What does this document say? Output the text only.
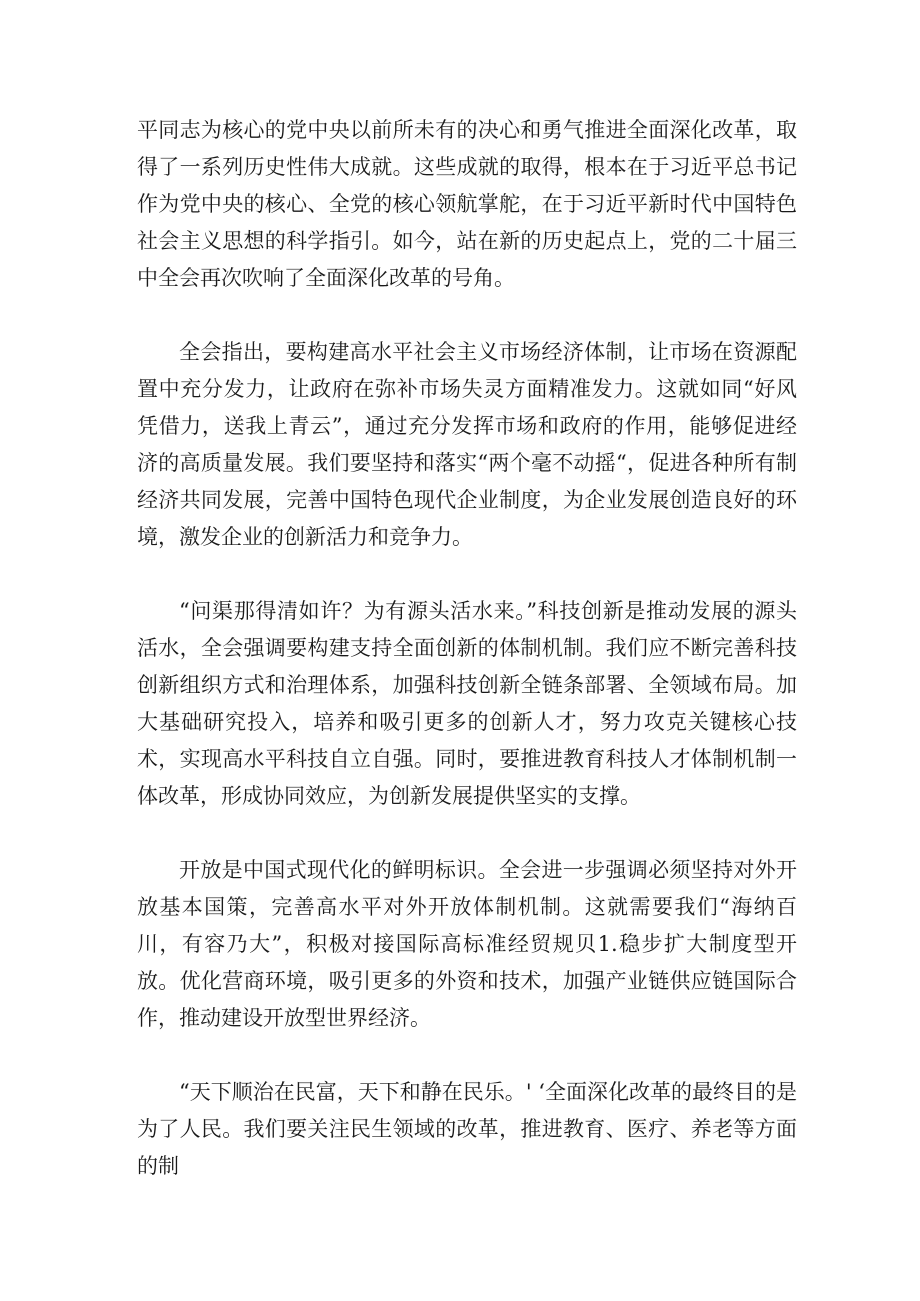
平同志为核心的党中央以前所未有的决心和勇气推进全面深化改革，取得了一系列历史性伟大成就。这些成就的取得，根本在于习近平总书记作为党中央的核心、全党的核心领航掌舵，在于习近平新时代中国特色社会主义思想的科学指引。如今，站在新的历史起点上，党的二十届三中全会再次吹响了全面深化改革的号角。

全会指出，要构建高水平社会主义市场经济体制，让市场在资源配置中充分发力，让政府在弥补市场失灵方面精准发力。这就如同“好风凭借力，送我上青云”，通过充分发挥市场和政府的作用，能够促进经济的高质量发展。我们要坚持和落实“两个毫不动摇“，促进各种所有制经济共同发展，完善中国特色现代企业制度，为企业发展创造良好的环境，激发企业的创新活力和竞争力。

“问渠那得清如许？为有源头活水来。”科技创新是推动发展的源头活水，全会强调要构建支持全面创新的体制机制。我们应不断完善科技创新组织方式和治理体系，加强科技创新全链条部署、全领域布局。加大基础研究投入，培养和吸引更多的创新人才，努力攻克关键核心技术，实现高水平科技自立自强。同时，要推进教育科技人才体制机制一体改革，形成协同效应，为创新发展提供坚实的支撑。

开放是中国式现代化的鲜明标识。全会进一步强调必须坚持对外开放基本国策，完善高水平对外开放体制机制。这就需要我们“海纳百川，有容乃大”，积极对接国际高标准经贸规贝1.稳步扩大制度型开放。优化营商环境，吸引更多的外资和技术，加强产业链供应链国际合作，推动建设开放型世界经济。

“天下顺治在民富，天下和静在民乐。' ‘全面深化改革的最终目的是为了人民。我们要关注民生领域的改革，推进教育、医疗、养老等方面的制
